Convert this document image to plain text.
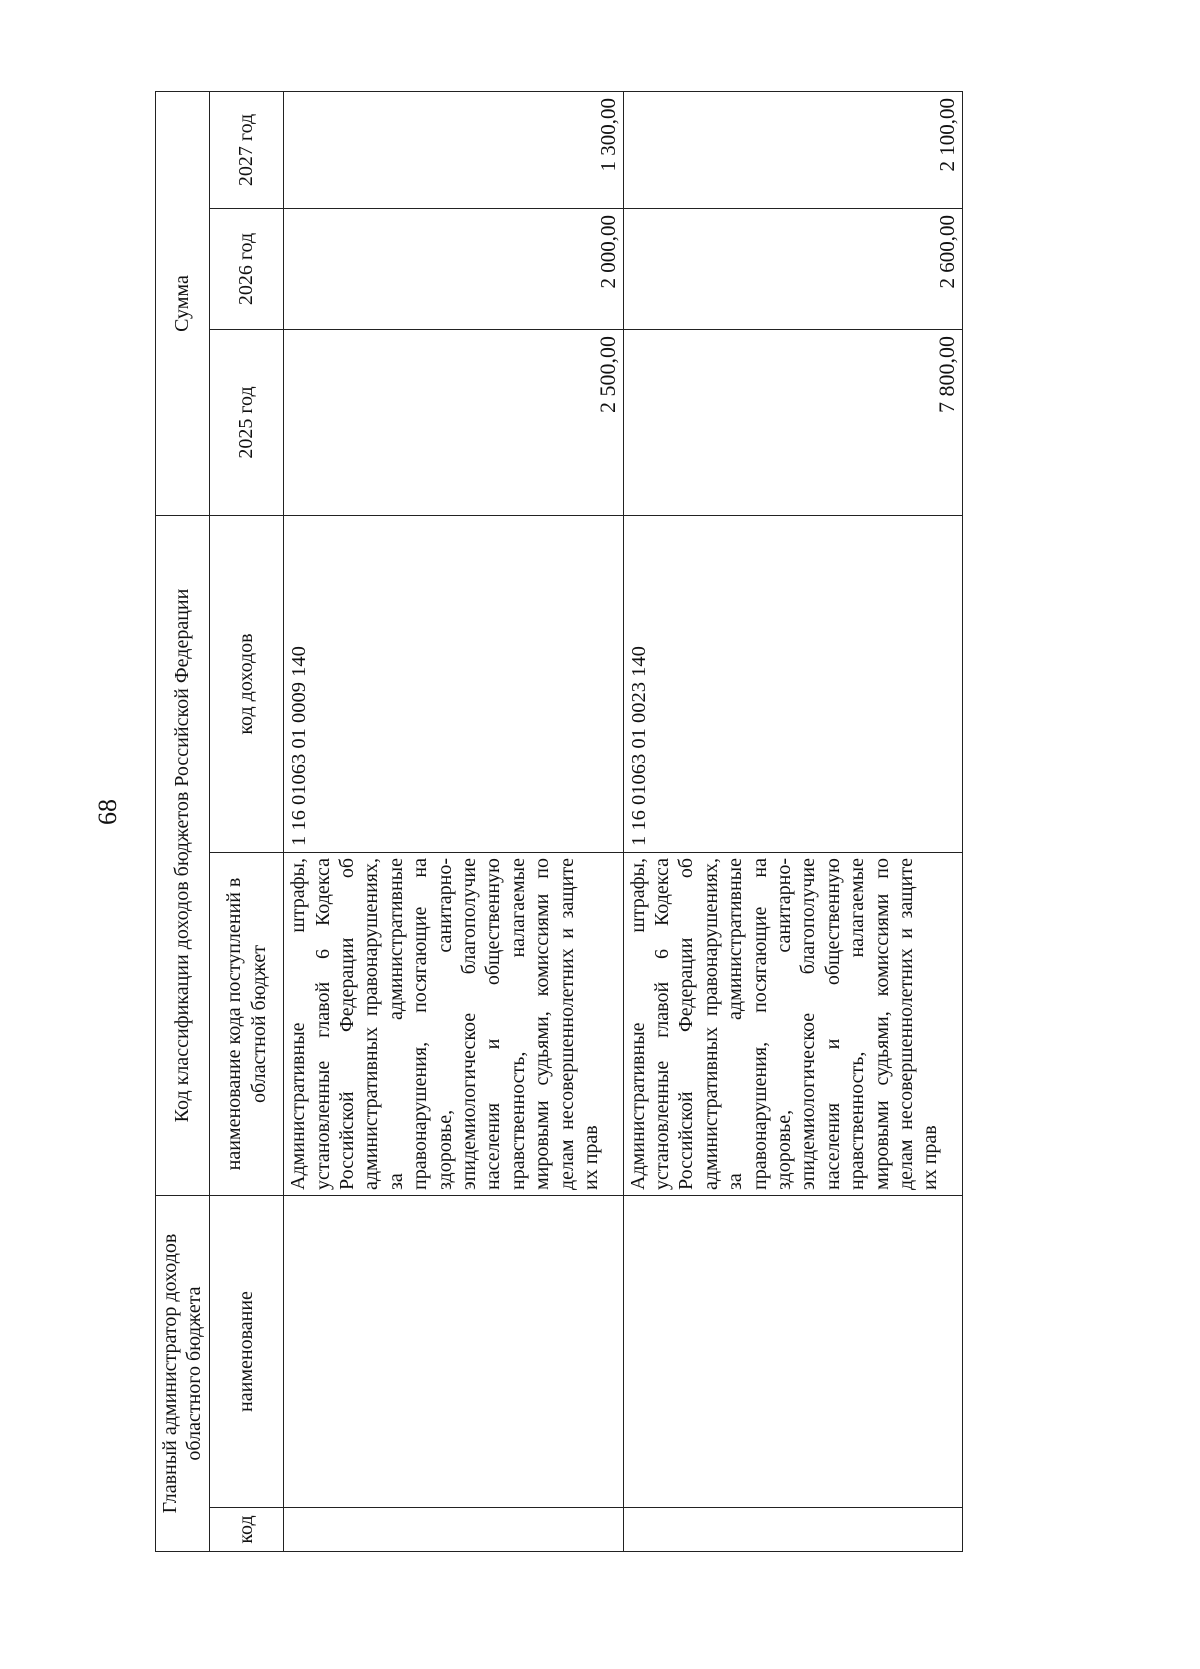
68
Главный администратор доходов областного бюджета		Код классификации доходов бюджетов Российской Федерации		Сумма		
код	наименование	наименование кода поступлений в областной бюджет	код доходов	2025 год	2026 год	2027 год
		Административные штрафы, установленные главой 6 Кодекса Российской Федерации об административных правонарушениях, за административные правонарушения, посягающие на здоровье, санитарно-эпидемиологическое благополучие населения и общественную нравственность, налагаемые мировыми судьями, комиссиями по делам несовершеннолетних и защите их прав	1 16 01063 01 0009 140	2 500,00	2 000,00	1 300,00
		Административные штрафы, установленные главой 6 Кодекса Российской Федерации об административных правонарушениях, за административные правонарушения, посягающие на здоровье, санитарно-эпидемиологическое благополучие населения и общественную нравственность, налагаемые мировыми судьями, комиссиями по делам несовершеннолетних и защите их прав	1 16 01063 01 0023 140	7 800,00	2 600,00	2 100,00
